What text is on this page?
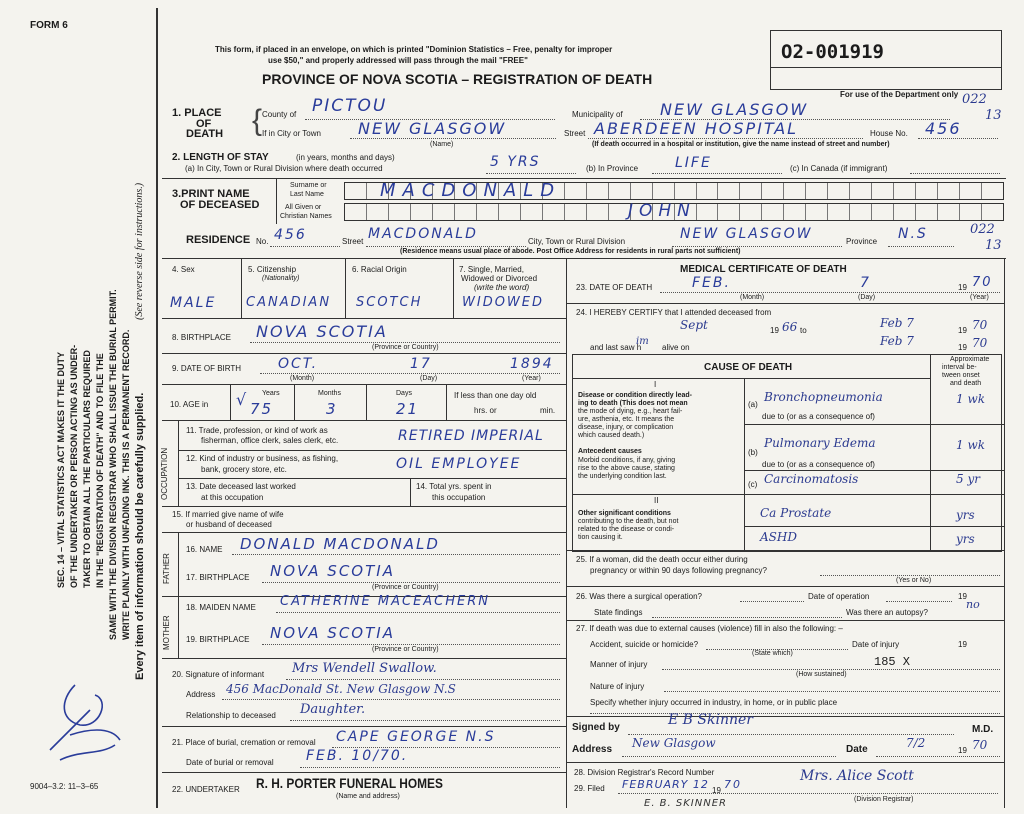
FORM 6
SEC. 14 – VITAL STATISTICS ACT MAKES IT THE DUTY OF THE UNDERTAKER OR PERSON ACTING AS UNDER- TAKER TO OBTAIN ALL THE PARTICULARS REQUIRED IN THE "REGISTRATION OF DEATH" AND TO FILE THE SAME WITH THE DIVISION REGISTRAR WHO SHALL ISSUE THE BURIAL PERMIT. WRITE PLAINLY WITH UNFADING INK. THIS IS A PERMANENT RECORD.
(See reverse side for instructions.)
Every item of information should be carefully supplied.
9004–3.2: 11–3–65
This form, if placed in an envelope, on which is printed "Dominion Statistics – Free, penalty for improper
use $50," and properly addressed will pass through the mail "FREE"
PROVINCE OF NOVA SCOTIA – REGISTRATION OF DEATH
O2-001919
For use of the Department only 022
13
1. PLACE
OF
DEATH { County of PICTOU	Municipality of NEW GLASGOW
If in City or Town NEW GLASGOW
(Name)
Street ABERDEEN HOSPITAL	House No. 456
(If death occurred in a hospital or institution, give the name instead of street and number)
2. LENGTH OF STAY	(in years, months and days)
(a) In City, Town or Rural Division where death occurred	5 YRS	(b) In Province	LIFE	(c) In Canada (if immigrant)
3.PRINT NAME
OF DECEASED
Surname or
Last Name
All Given or
Christian Names
MACDONALD
JOHN
RESIDENCE No. 456	Street MACDONALD	City, Town or Rural Division	NEW GLASGOW	Province N.S	022
13
(Residence means usual place of abode. Post Office Address for residents in rural parts not sufficient)
4. Sex
MALE
5. Citizenship
(Nationality)
CANADIAN
6. Racial Origin
SCOTCH
7. Single, Married,
Widowed or Divorced
(write the word)
WIDOWED
8. BIRTHPLACE NOVA SCOTIA
(Province or Country)
9. DATE OF BIRTH	OCT.	17	1894
(Month)	(Day)	(Year)
10. AGE in
Years	Months	Days
√ 75	3	21
If less than one day old
hrs. or	min.
OCCUPATION
11. Trade, profession, or kind of work as
fisherman, office clerk, sales clerk, etc.	RETIRED IMPERIAL
12. Kind of industry or business, as fishing,
bank, grocery store, etc.	OIL EMPLOYEE
13. Date deceased last worked
at this occupation
14. Total yrs. spent in
this occupation
15. If married give name of wife
or husband of deceased
FATHER
16. NAME DONALD MACDONALD
17. BIRTHPLACE NOVA SCOTIA
(Province or Country)
MOTHER
18. MAIDEN NAME CATHERINE MACEACHERN
19. BIRTHPLACE NOVA SCOTIA
(Province or Country)
20. Signature of informant Mrs Wendell Swallow.
Address 456 MacDonald St. New Glasgow N.S
Relationship to deceased Daughter.
21. Place of burial, cremation or removal CAPE GEORGE N.S
Date of burial or removal FEB. 10/70.
22. UNDERTAKER R. H. PORTER FUNERAL HOMES
(Name and address)
MEDICAL CERTIFICATE OF DEATH
23. DATE OF DEATH	FEB.	7	19 70
(Month)	(Day)	(Year)
24. I HEREBY CERTIFY that I attended deceased from
Sept	19 66 to
Feb 7
19 70
and last saw h
im
alive on	Feb 7	19 70
CAUSE OF DEATH
Approximate
interval be-
tween onset
and death
I
Disease or condition directly lead-
ing to death (This does not mean
the mode of dying, e.g., heart fail-
ure, asthenia, etc. It means the
disease, injury, or complication
which caused death.)
Antecedent causes
Morbid conditions, if any, giving
rise to the above cause, stating
the underlying condition last.
II
Other significant conditions
contributing to the death, but not
related to the disease or condi-
tion causing it.
(a)
Bronchopneumonia	1 wk
due to (or as a consequence of)
(b)
Pulmonary Edema	1 wk
due to (or as a consequence of)
(c) Carcinomatosis	5 yr
Ca Prostate	yrs
ASHD	yrs
25. If a woman, did the death occur either during
pregnancy or within 90 days following pregnancy?
(Yes or No)
26. Was there a surgical operation?	Date of operation	19
State findings	Was there an autopsy?
no
27. If death was due to external causes (violence) fill in also the following: –
Accident, suicide or homicide?
(State which)
Date of injury	19
Manner of injury	185 X
(How sustained)
Nature of injury
Specify whether injury occurred in industry, in home, or in public place
Signed by	E B Skinner
M.D.
Address New Glasgow	Date	7/2
19 70
28. Division Registrar's Record Number
29. Filed FEBRUARY 12 19 70
Mrs. Alice Scott
(Division Registrar)
E. B. SKINNER
